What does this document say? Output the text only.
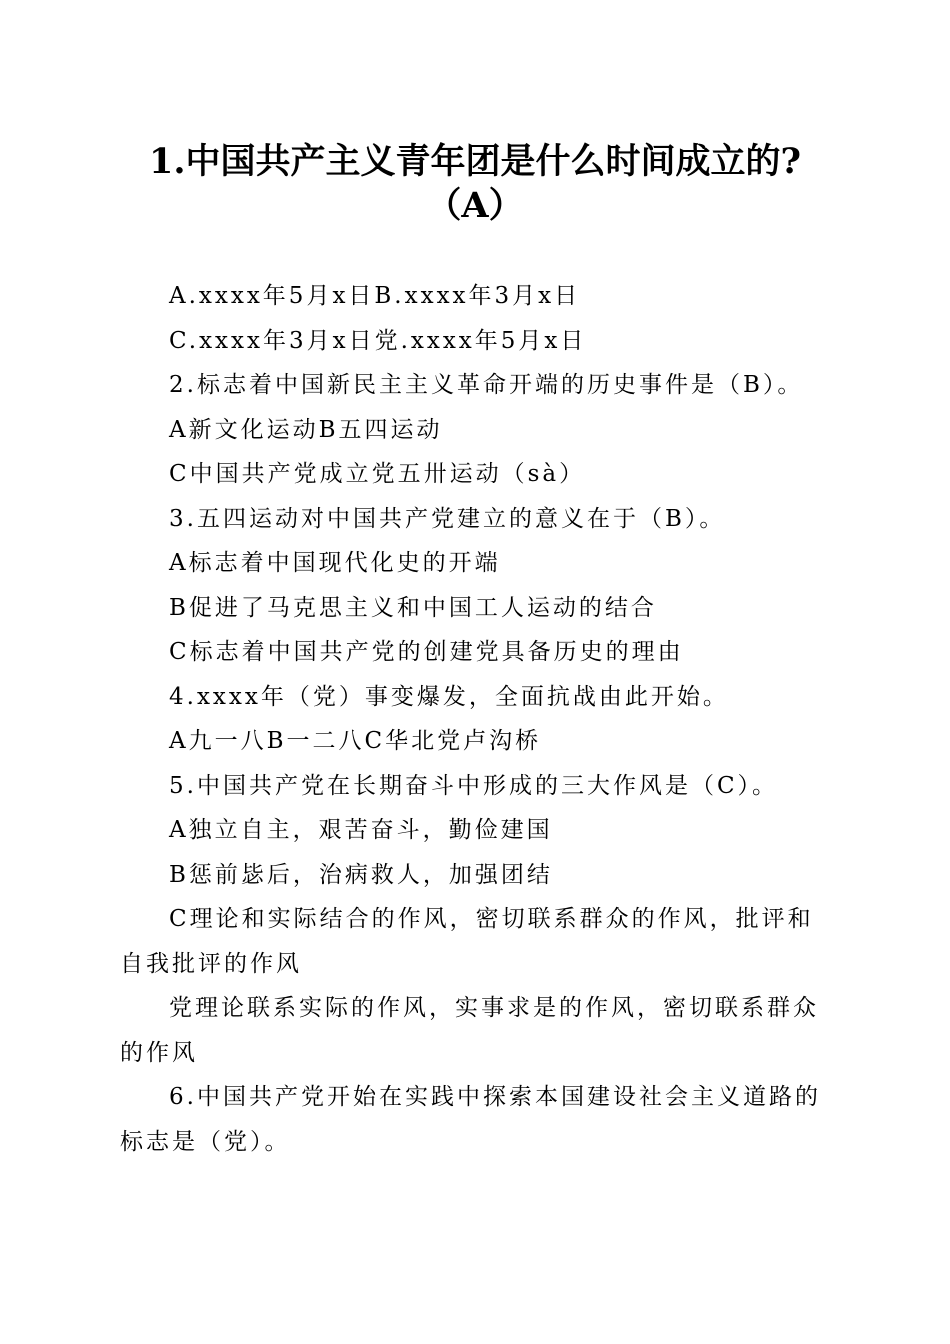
1.中国共产主义青年团是什么时间成立的?
（A）

A.xxxx年5月x日B.xxxx年3月x日

C.xxxx年3月x日党.xxxx年5月x日

2.标志着中国新民主主义革命开端的历史事件是（B）。

A新文化运动B五四运动

C中国共产党成立党五卅运动（sà）

3.五四运动对中国共产党建立的意义在于（B）。

A标志着中国现代化史的开端

B促进了马克思主义和中国工人运动的结合

C标志着中国共产党的创建党具备历史的理由

4.xxxx年（党）事变爆发，全面抗战由此开始。

A九一八B一二八C华北党卢沟桥

5.中国共产党在长期奋斗中形成的三大作风是（C）。

A独立自主，艰苦奋斗，勤俭建国

B惩前毖后，治病救人，加强团结

C理论和实际结合的作风，密切联系群众的作风，批评和自我批评的作风

党理论联系实际的作风，实事求是的作风，密切联系群众的作风

6.中国共产党开始在实践中探索本国建设社会主义道路的标志是（党）。
